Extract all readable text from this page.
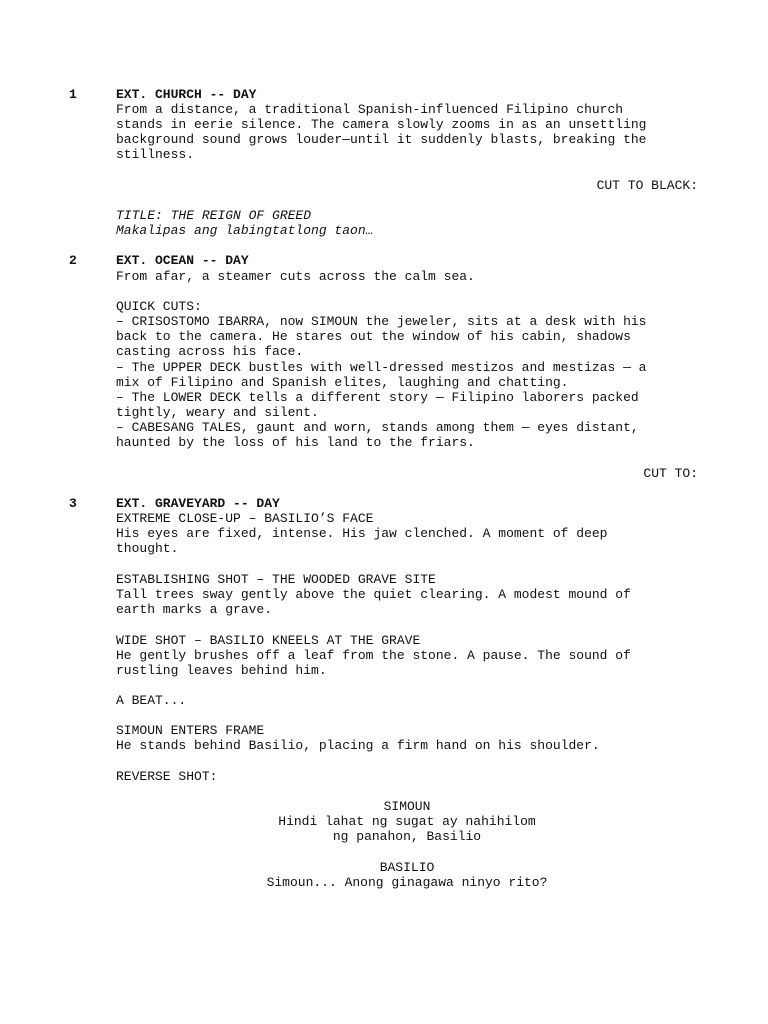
1	EXT. CHURCH -- DAY
From a distance, a traditional Spanish-influenced Filipino church
stands in eerie silence. The camera slowly zooms in as an unsettling
background sound grows louder—until it suddenly blasts, breaking the
stillness.
CUT TO BLACK:
TITLE: THE REIGN OF GREED
Makalipas ang labingtatlong taon…
2	EXT. OCEAN -- DAY
From afar, a steamer cuts across the calm sea.
QUICK CUTS:
– CRISOSTOMO IBARRA, now SIMOUN the jeweler, sits at a desk with his
back to the camera. He stares out the window of his cabin, shadows
casting across his face.
– The UPPER DECK bustles with well-dressed mestizos and mestizas — a
mix of Filipino and Spanish elites, laughing and chatting.
– The LOWER DECK tells a different story — Filipino laborers packed
tightly, weary and silent.
– CABESANG TALES, gaunt and worn, stands among them — eyes distant,
haunted by the loss of his land to the friars.
CUT TO:
3	EXT. GRAVEYARD -- DAY
EXTREME CLOSE-UP – BASILIO’S FACE
His eyes are fixed, intense. His jaw clenched. A moment of deep
thought.
ESTABLISHING SHOT – THE WOODED GRAVE SITE
Tall trees sway gently above the quiet clearing. A modest mound of
earth marks a grave.
WIDE SHOT – BASILIO KNEELS AT THE GRAVE
He gently brushes off a leaf from the stone. A pause. The sound of
rustling leaves behind him.
A BEAT...
SIMOUN ENTERS FRAME
He stands behind Basilio, placing a firm hand on his shoulder.
REVERSE SHOT:
SIMOUN
Hindi lahat ng sugat ay nahihilom
ng panahon, Basilio
BASILIO
Simoun... Anong ginagawa ninyo rito?
